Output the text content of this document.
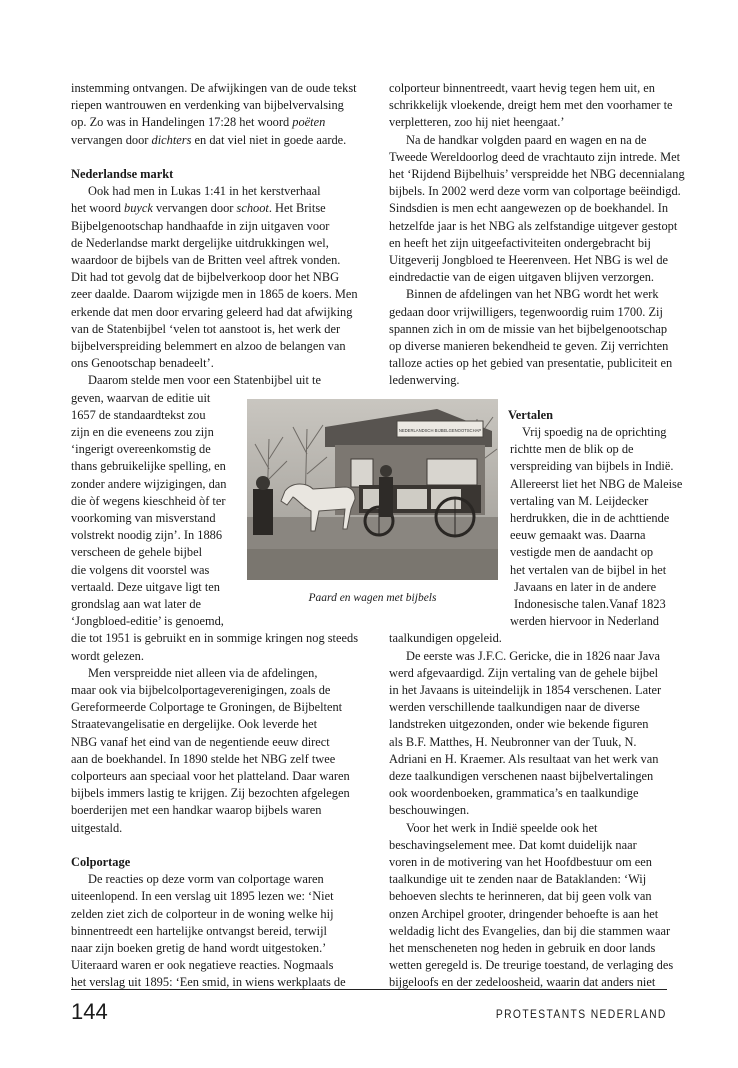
instemming ontvangen. De afwijkingen van de oude tekst
riepen wantrouwen en verdenking van bijbelvervalsing
op. Zo was in Handelingen 17:28 het woord poëten
vervangen door dichters en dat viel niet in goede aarde.
Nederlandse markt
Ook had men in Lukas 1:41 in het kerstverhaal
het woord buyck vervangen door schoot. Het Britse
Bijbelgenootschap handhaafde in zijn uitgaven voor
de Nederlandse markt dergelijke uitdrukkingen wel,
waardoor de bijbels van de Britten veel aftrek vonden.
Dit had tot gevolg dat de bijbelverkoop door het NBG
zeer daalde. Daarom wijzigde men in 1865 de koers. Men
erkende dat men door ervaring geleerd had dat afwijking
van de Statenbijbel ‘velen tot aanstoot is, het werk der
bijbelverspreiding belemmert en alzoo de belangen van
ons Genootschap benadeelt’.
Daarom stelde men voor een Statenbijbel uit te
geven, waarvan de editie uit
1657 de standaardtekst zou
zijn en die eveneens zou zijn
‘ingerigt overeenkomstig de
thans gebruikelijke spelling, en
zonder andere wijzigingen, dan
die òf wegens kieschheid òf ter
voorkoming van misverstand
volstrekt noodig zijn’. In 1886
verscheen de gehele bijbel
die volgens dit voorstel was
vertaald. Deze uitgave ligt ten
grondslag aan wat later de
‘Jongbloed-editie’ is genoemd,
die tot 1951 is gebruikt en in sommige kringen nog steeds
wordt gelezen.
Men verspreidde niet alleen via de afdelingen,
maar ook via bijbelcolportageverenigingen, zoals de
Gereformeerde Colportage te Groningen, de Bijbeltent
Straatevangelisatie en dergelijke. Ook leverde het
NBG vanaf het eind van de negentiende eeuw direct
aan de boekhandel. In 1890 stelde het NBG zelf twee
colporteurs aan speciaal voor het platteland. Daar waren
bijbels immers lastig te krijgen. Zij bezochten afgelegen
boerderijen met een handkar waarop bijbels waren
uitgestald.
Colportage
De reacties op deze vorm van colportage waren
uiteenlopend. In een verslag uit 1895 lezen we: ‘Niet
zelden ziet zich de colporteur in de woning welke hij
binnentreedt een hartelijke ontvangst bereid, terwijl
naar zijn boeken gretig de hand wordt uitgestoken.’
Uiteraard waren er ook negatieve reacties. Nogmaals
het verslag uit 1895: ‘Een smid, in wiens werkplaats de
colporteur binnentreedt, vaart hevig tegen hem uit, en
schrikkelijk vloekende, dreigt hem met den voorhamer te
verpletteren, zoo hij niet heengaat.’
Na de handkar volgden paard en wagen en na de
Tweede Wereldoorlog deed de vrachtauto zijn intrede. Met
het ‘Rijdend Bijbelhuis’ verspreidde het NBG decennialang
bijbels. In 2002 werd deze vorm van colportage beëindigd.
Sindsdien is men echt aangewezen op de boekhandel. In
hetzelfde jaar is het NBG als zelfstandige uitgever gestopt
en heeft het zijn uitgeefactiviteiten ondergebracht bij
Uitgeverij Jongbloed te Heerenveen. Het NBG is wel de
eindredactie van de eigen uitgaven blijven verzorgen.
Binnen de afdelingen van het NBG wordt het werk
gedaan door vrijwilligers, tegenwoordig ruim 1700. Zij
spannen zich in om de missie van het bijbelgenootschap
op diverse manieren bekendheid te geven. Zij verrichten
talloze acties op het gebied van presentatie, publiciteit en
ledenwerving.
Vertalen
Vrij spoedig na de oprichting
richtte men de blik op de
verspreiding van bijbels in Indië.
Allereerst liet het NBG de Maleise
vertaling van M. Leijdecker
herdrukken, die in de achttiende
eeuw gemaakt was. Daarna
vestigde men de aandacht op
het vertalen van de bijbel in het
Javaans en later in de andere
Indonesische talen.Vanaf 1823
werden hiervoor in Nederland
taalkundigen opgeleid.
De eerste was J.F.C. Gericke, die in 1826 naar Java
werd afgevaardigd. Zijn vertaling van de gehele bijbel
in het Javaans is uiteindelijk in 1854 verschenen. Later
werden verschillende taalkundigen naar de diverse
landstreken uitgezonden, onder wie bekende figuren
als B.F. Matthes, H. Neubronner van der Tuuk, N.
Adriani en H. Kraemer. Als resultaat van het werk van
deze taalkundigen verschenen naast bijbelvertalingen
ook woordenboeken, grammatica’s en taalkundige
beschouwingen.
Voor het werk in Indië speelde ook het
beschavingselement mee. Dat komt duidelijk naar
voren in de motivering van het Hoofdbestuur om een
taalkundige uit te zenden naar de Bataklanden: ‘Wij
behoeven slechts te herinneren, dat bij geen volk van
onzen Archipel grooter, dringender behoefte is aan het
weldadig licht des Evangelies, dan bij die stammen waar
het menscheneten nog heden in gebruik en door lands
wetten geregeld is. De treurige toestand, de verlaging des
bijgeloofs en der zedeloosheid, waarin dat anders niet
NEDERLANDSCH BIJBELGENOOTSCHAP
Paard en wagen met bijbels
144	PROTESTANTS NEDERLAND
